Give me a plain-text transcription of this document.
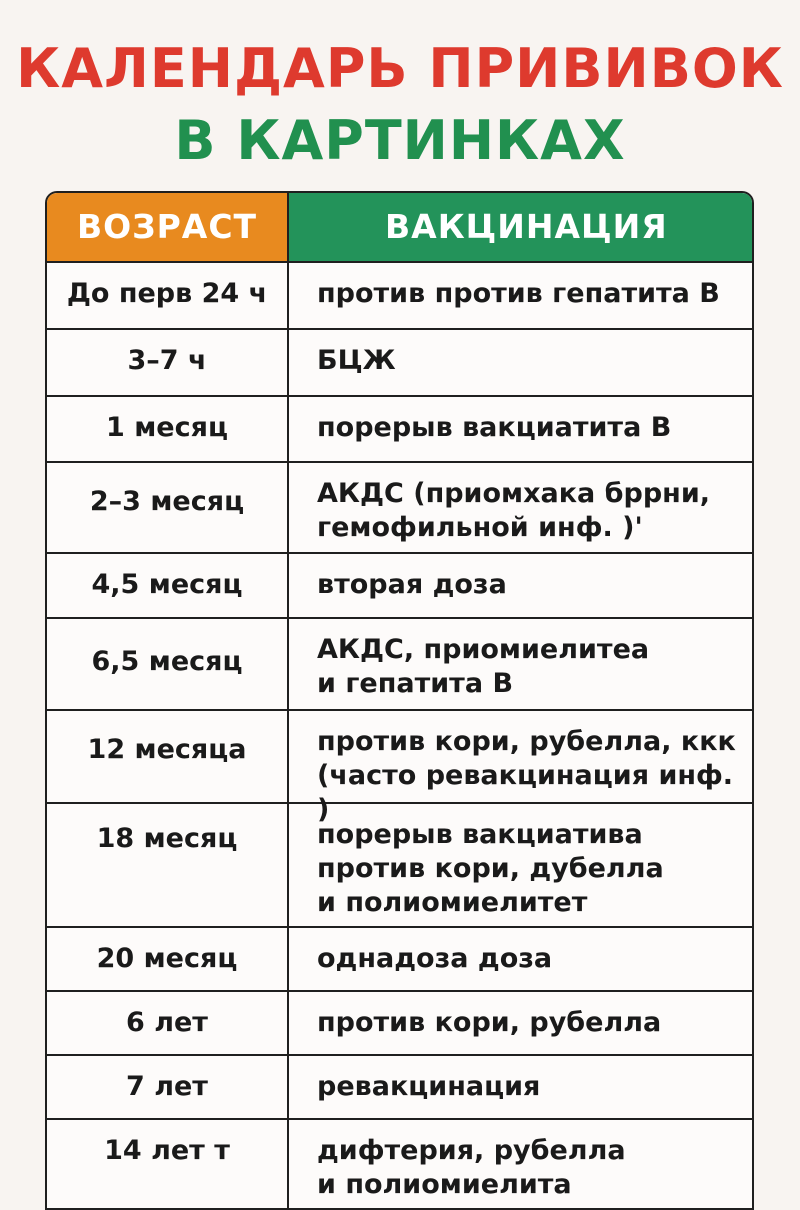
КАЛЕНДАРЬ ПРИВИВОК
В КАРТИНКАХ
ВОЗРАСТ	ВАКЦИНАЦИЯ
До перв 24 ч	против против гепатита В
3–7 ч	БЦЖ
1 месяц	порерыв вакциатита В
2–3 месяц	АКДС (приомхака бррни,
гемофильной инф. )'
4,5 месяц	вторая доза
6,5 месяц	АКДС, приомиелитеа
и гепатита В
12 месяца	против кори, рубелла, ккк
(часто ревакцинация инф. )
18 месяц	порерыв вакциатива
против кори, дубелла
и полиомиелитет
20 месяц	однадоза доза
6 лет	против кори, рубелла
7 лет	ревакцинация
14 лет т	дифтерия, рубелла
и полиомиелита
